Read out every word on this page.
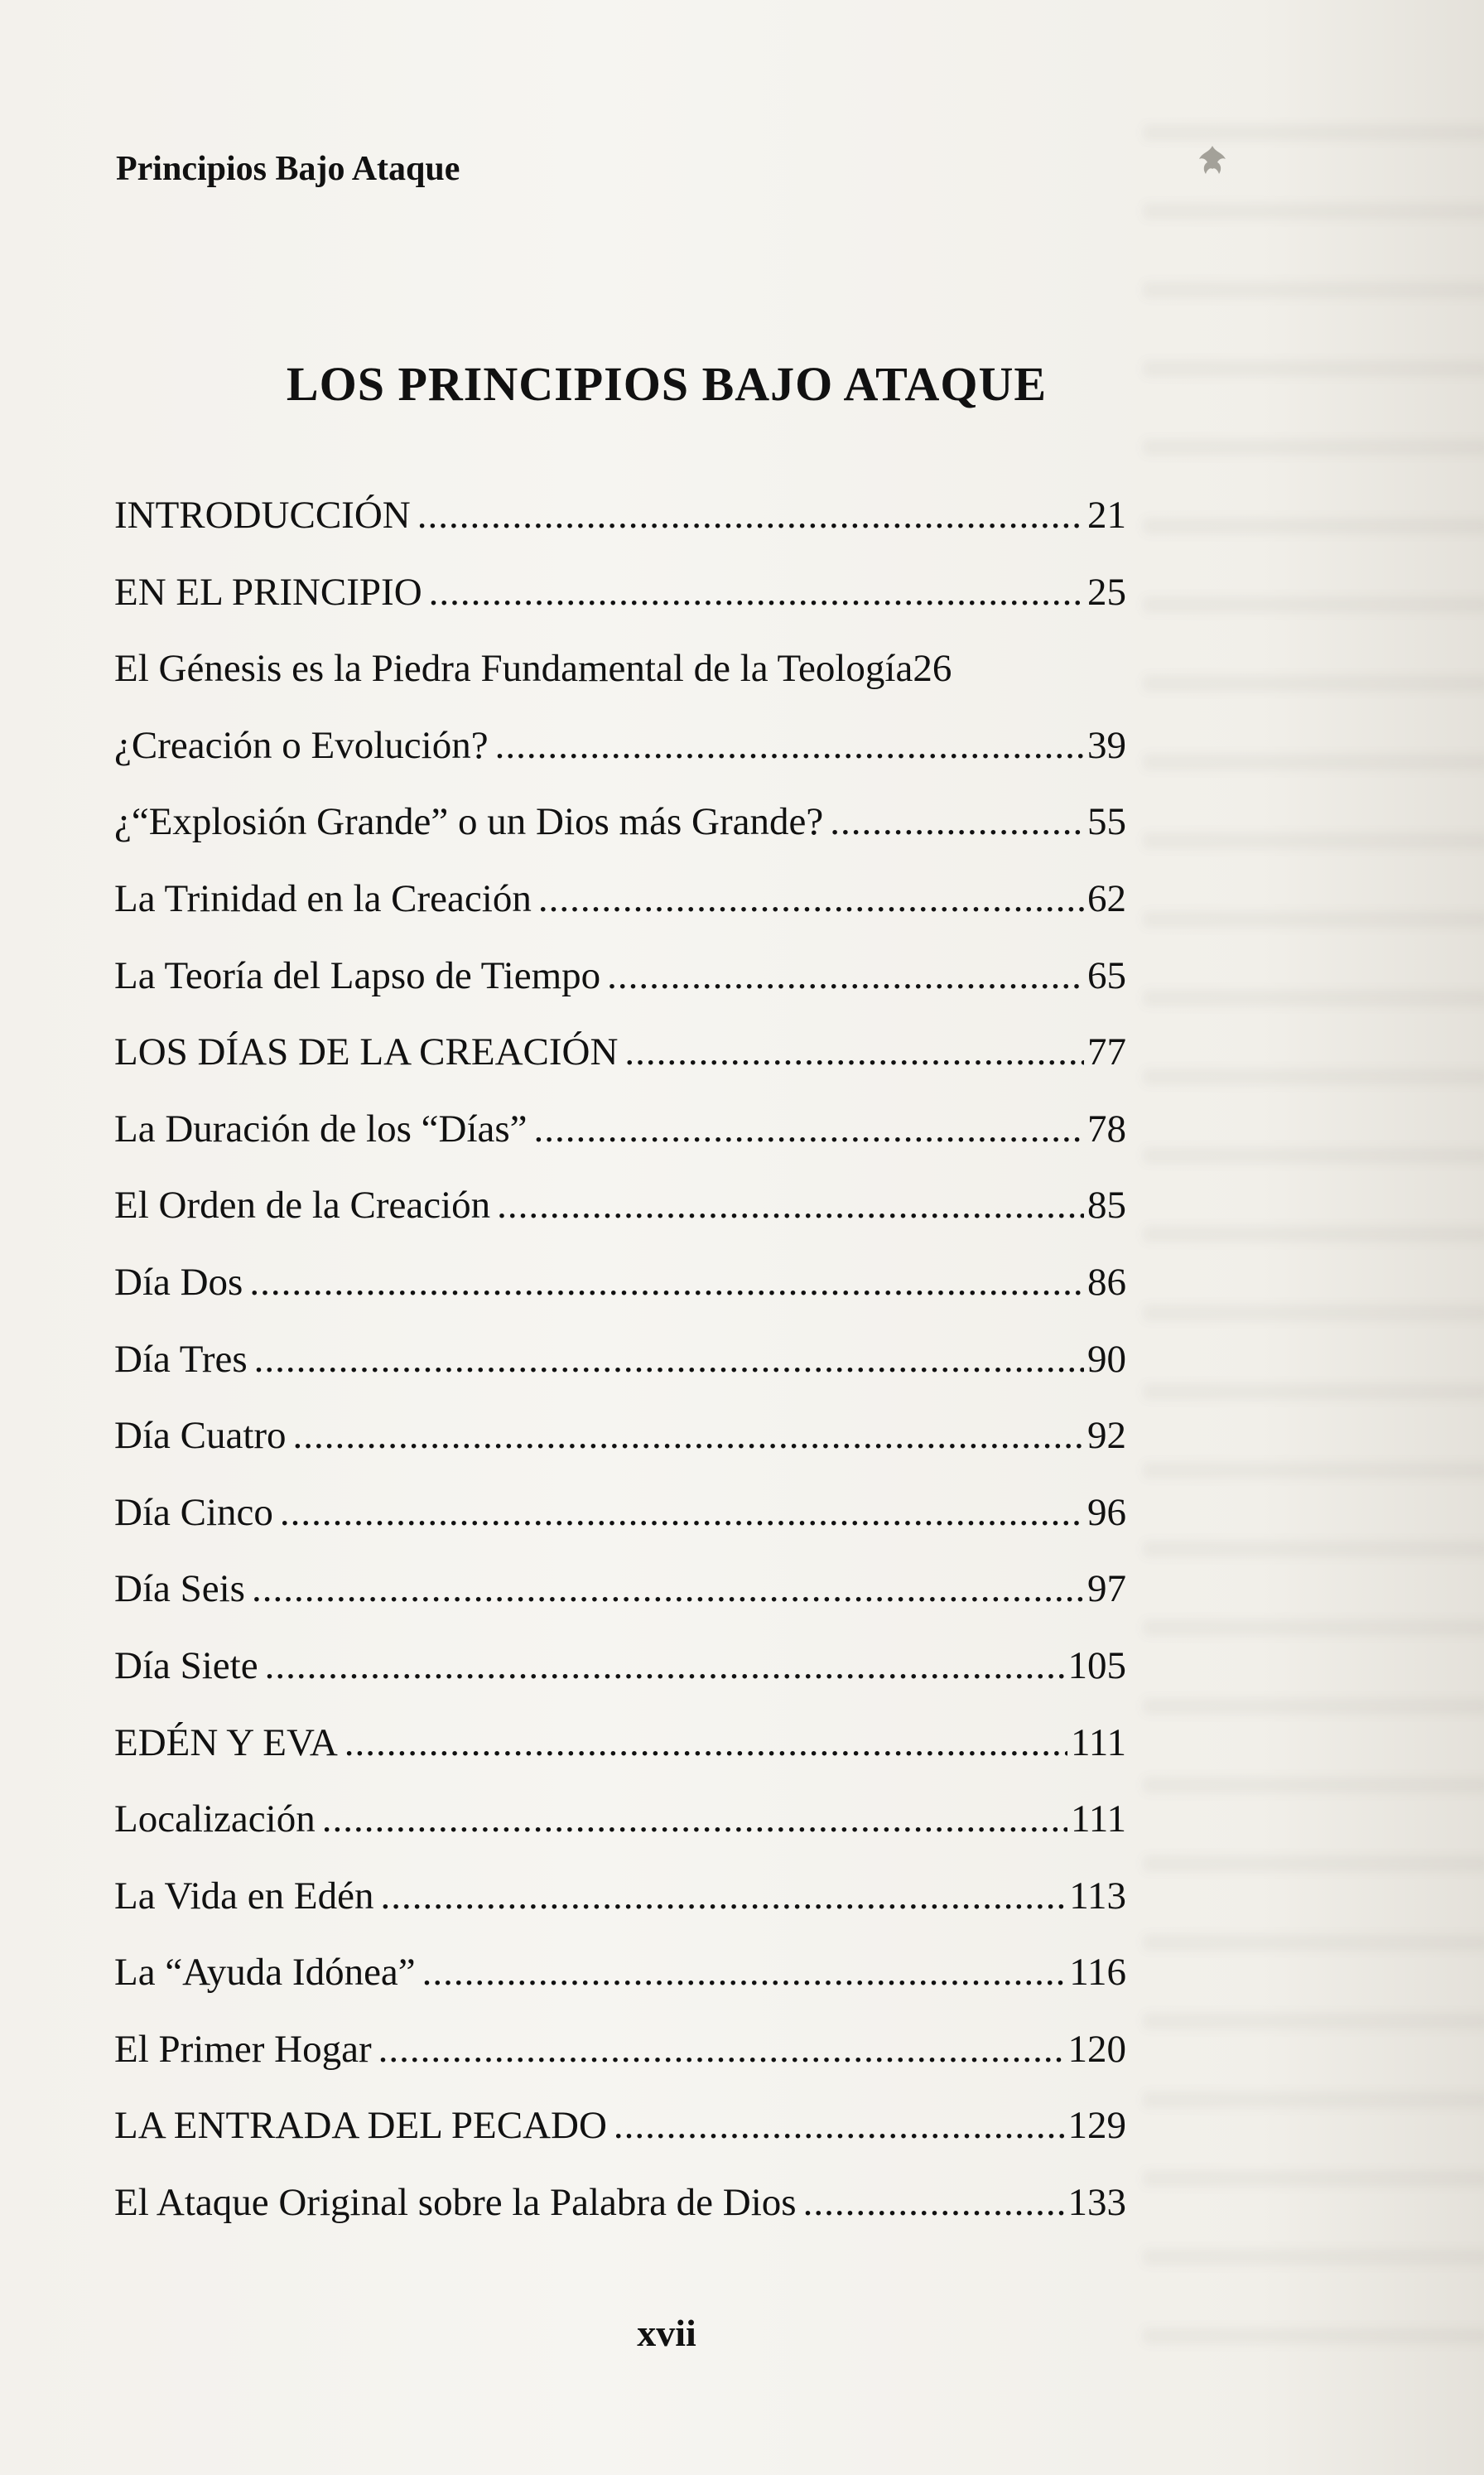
Principios Bajo Ataque
LOS PRINCIPIOS BAJO ATAQUE
INTRODUCCIÓN .....	21
EN EL PRINCIPIO .....	25
El Génesis es la Piedra Fundamental de la Teología 26
¿Creación o Evolución? .....	39
¿“Explosión Grande” o un Dios más Grande? .....	55
La Trinidad en la Creación .....	62
La Teoría del Lapso de Tiempo .....	65
LOS DÍAS DE LA CREACIÓN .....	77
La Duración de los “Días” .....	78
El Orden de la Creación .....	85
Día Dos .....	86
Día Tres .....	90
Día Cuatro .....	92
Día Cinco .....	96
Día Seis .....	97
Día Siete .....	105
EDÉN Y EVA .....	111
Localización .....	111
La Vida en Edén .....	113
La “Ayuda Idónea” .....	116
El Primer Hogar .....	120
LA ENTRADA DEL PECADO .....	129
El Ataque Original sobre la Palabra de Dios .....	133
xvii
